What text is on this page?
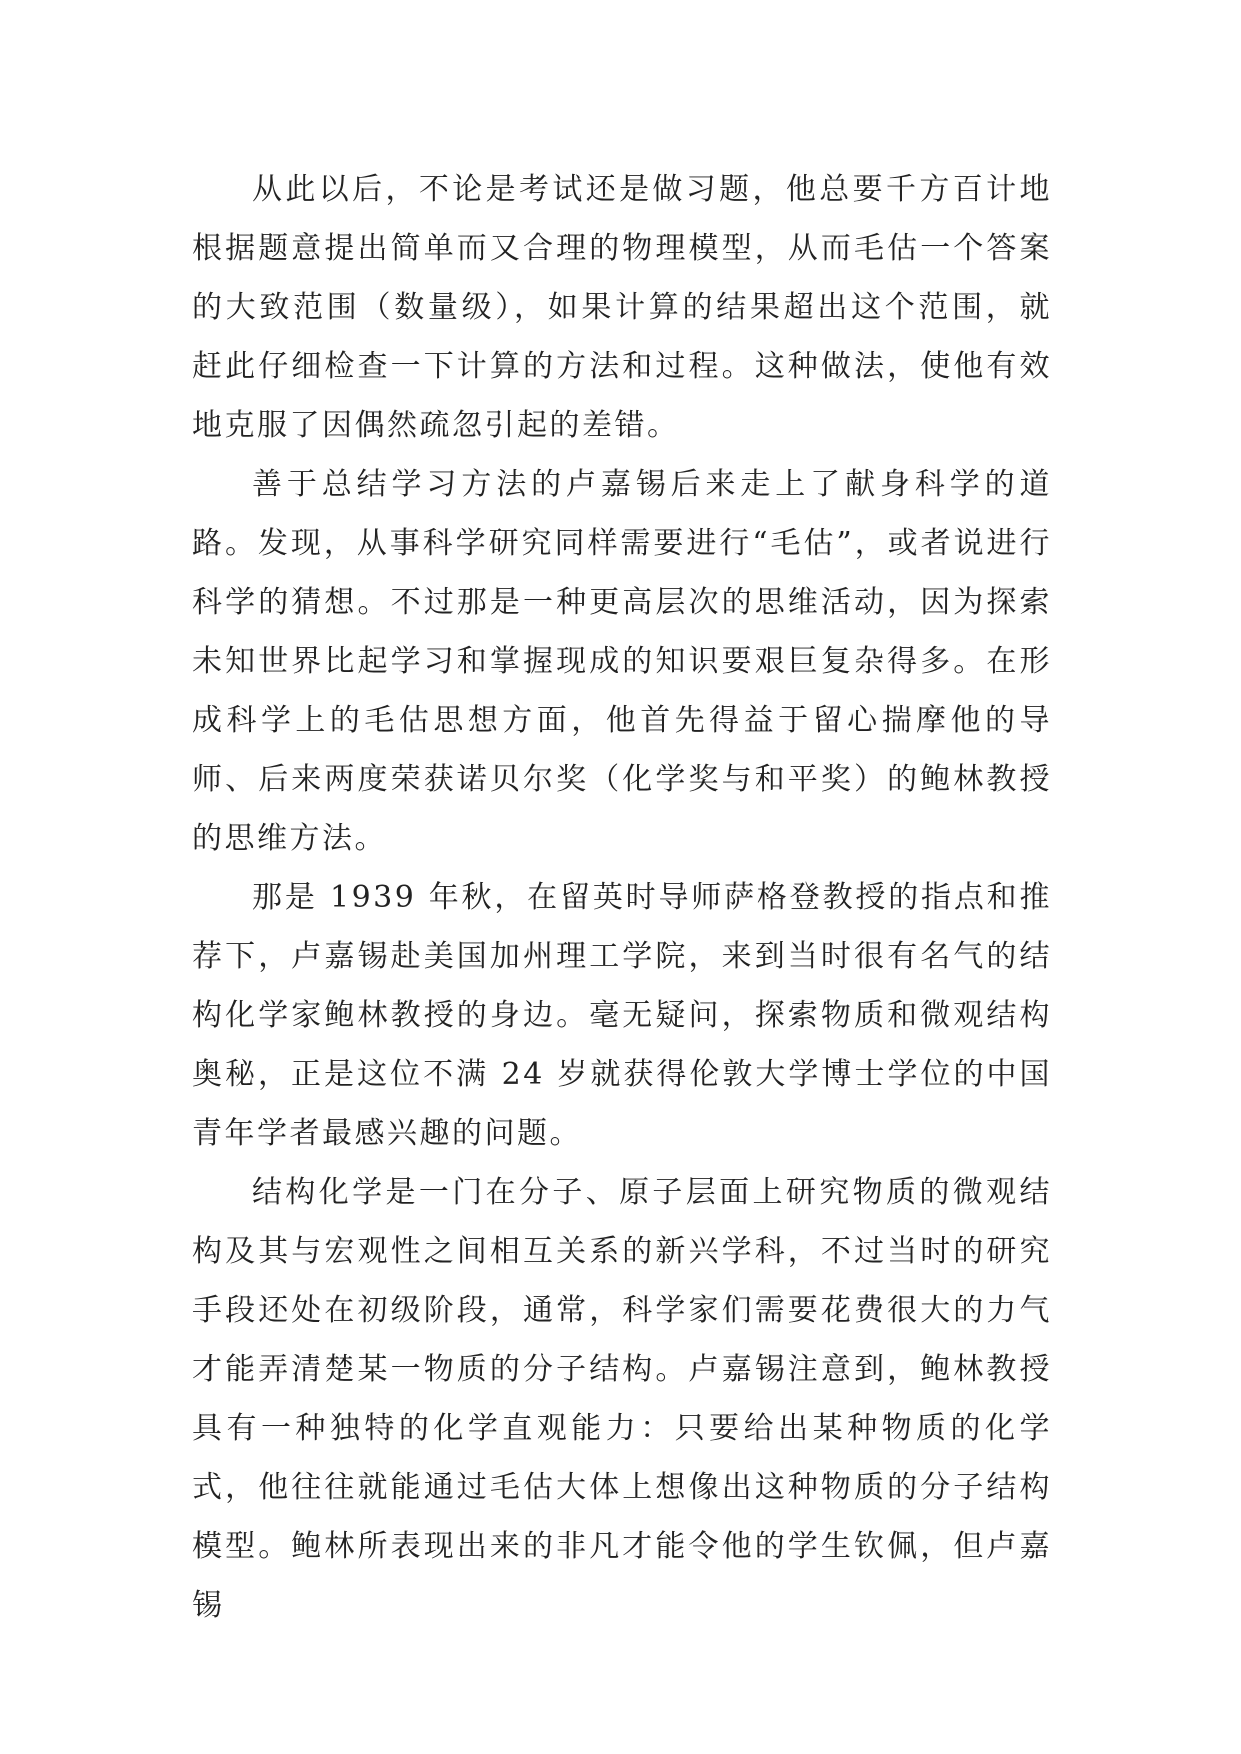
从此以后，不论是考试还是做习题，他总要千方百计地根据题意提出简单而又合理的物理模型，从而毛估一个答案的大致范围（数量级），如果计算的结果超出这个范围，就赶此仔细检查一下计算的方法和过程。这种做法，使他有效地克服了因偶然疏忽引起的差错。

善于总结学习方法的卢嘉锡后来走上了献身科学的道路。发现，从事科学研究同样需要进行“毛估”，或者说进行科学的猜想。不过那是一种更高层次的思维活动，因为探索未知世界比起学习和掌握现成的知识要艰巨复杂得多。在形成科学上的毛估思想方面，他首先得益于留心揣摩他的导师、后来两度荣获诺贝尔奖（化学奖与和平奖）的鲍林教授的思维方法。

那是 1939 年秋，在留英时导师萨格登教授的指点和推荐下，卢嘉锡赴美国加州理工学院，来到当时很有名气的结构化学家鲍林教授的身边。毫无疑问，探索物质和微观结构奥秘，正是这位不满 24 岁就获得伦敦大学博士学位的中国青年学者最感兴趣的问题。

结构化学是一门在分子、原子层面上研究物质的微观结构及其与宏观性之间相互关系的新兴学科，不过当时的研究手段还处在初级阶段，通常，科学家们需要花费很大的力气才能弄清楚某一物质的分子结构。卢嘉锡注意到，鲍林教授具有一种独特的化学直观能力：只要给出某种物质的化学式，他往往就能通过毛估大体上想像出这种物质的分子结构模型。鲍林所表现出来的非凡才能令他的学生钦佩，但卢嘉锡
